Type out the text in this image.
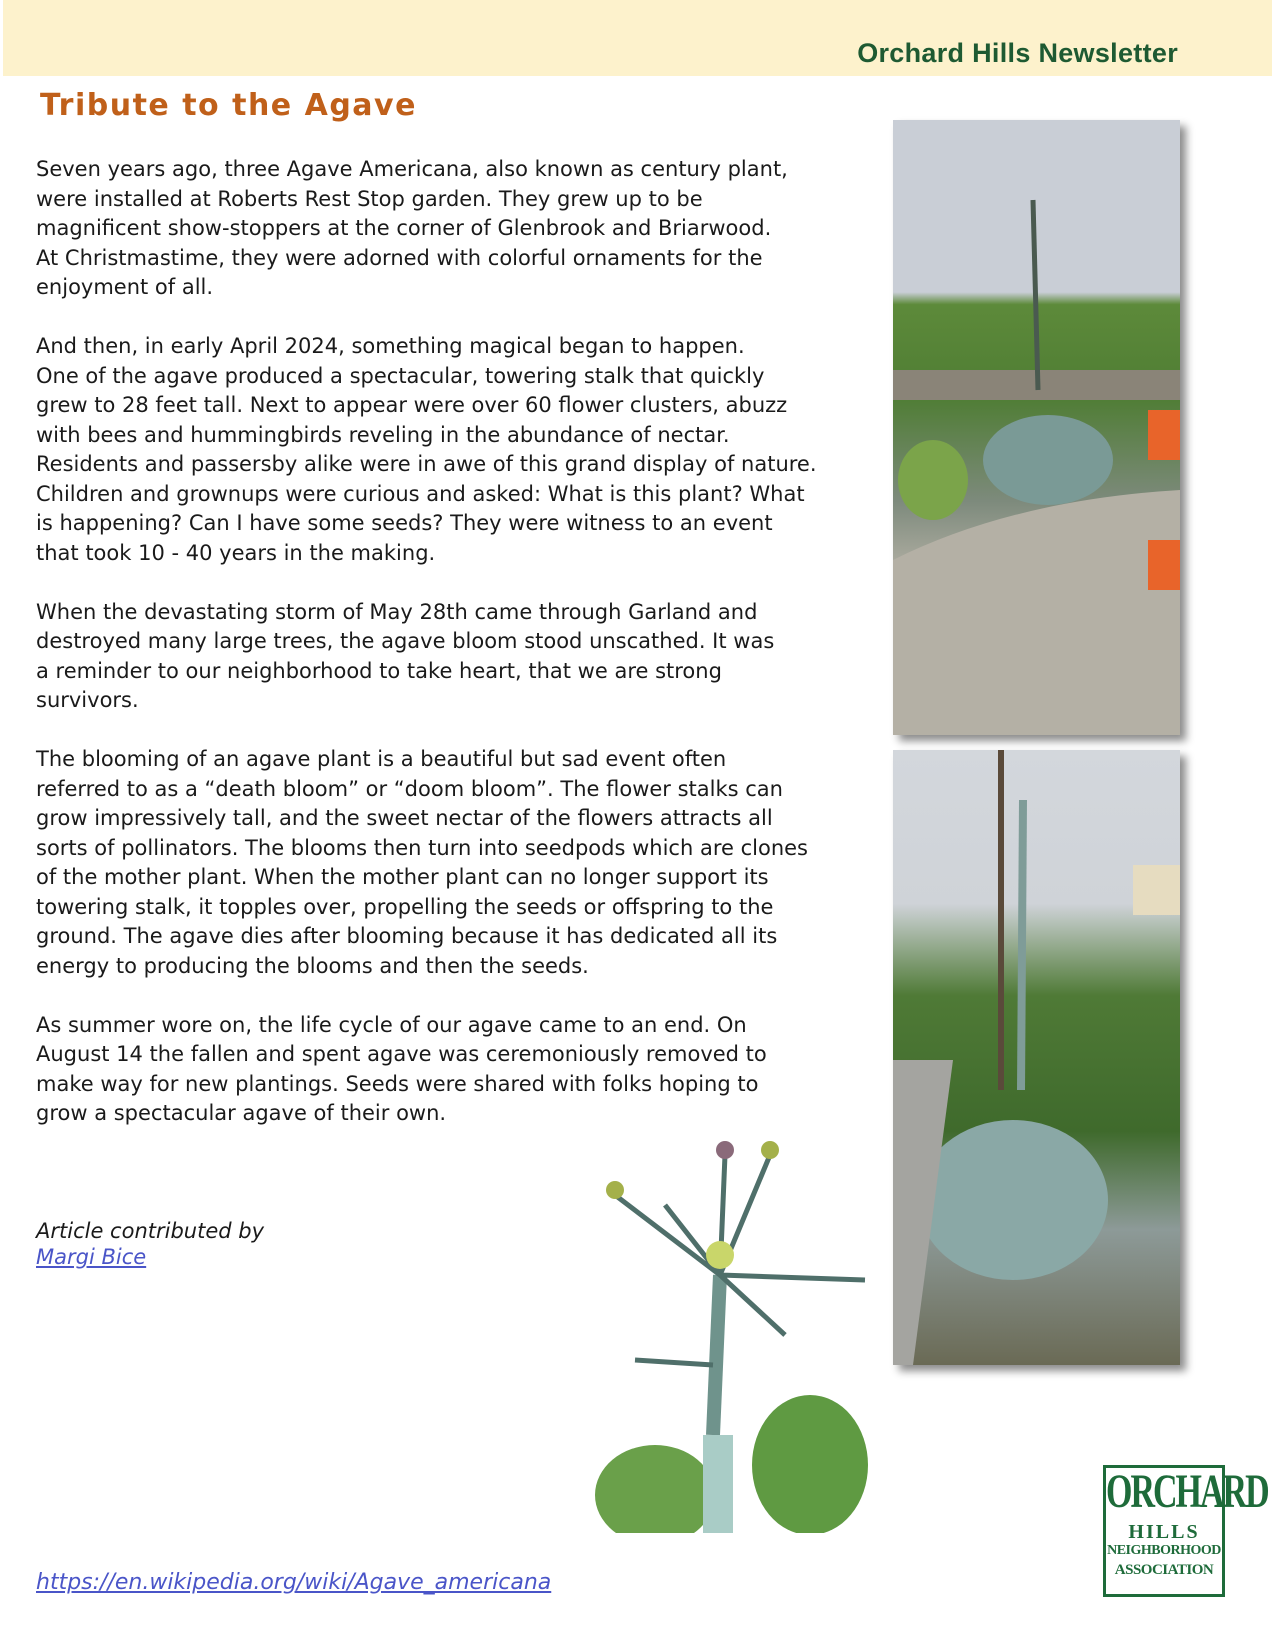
Orchard Hills Newsletter
Tribute to the Agave

Seven years ago, three Agave Americana, also known as century plant,
were installed at Roberts Rest Stop garden. They grew up to be
magnificent show-stoppers at the corner of Glenbrook and Briarwood.
At Christmastime, they were adorned with colorful ornaments for the
enjoyment of all.

And then, in early April 2024, something magical began to happen.
One of the agave produced a spectacular, towering stalk that quickly
grew to 28 feet tall. Next to appear were over 60 flower clusters, abuzz
with bees and hummingbirds reveling in the abundance of nectar.
Residents and passersby alike were in awe of this grand display of nature.
Children and grownups were curious and asked: What is this plant? What
is happening? Can I have some seeds? They were witness to an event
that took 10 - 40 years in the making.

When the devastating storm of May 28th came through Garland and
destroyed many large trees, the agave bloom stood unscathed. It was
a reminder to our neighborhood to take heart, that we are strong
survivors.

The blooming of an agave plant is a beautiful but sad event often
referred to as a “death bloom” or “doom bloom”. The flower stalks can
grow impressively tall, and the sweet nectar of the flowers attracts all
sorts of pollinators. The blooms then turn into seedpods which are clones
of the mother plant. When the mother plant can no longer support its
towering stalk, it topples over, propelling the seeds or offspring to the
ground. The agave dies after blooming because it has dedicated all its
energy to producing the blooms and then the seeds.

As summer wore on, the life cycle of our agave came to an end. On
August 14 the fallen and spent agave was ceremoniously removed to
make way for new plantings. Seeds were shared with folks hoping to
grow a spectacular agave of their own.

Article contributed by
Margi Bice
https://en.wikipedia.org/wiki/Agave_americana
ORCHARD
HILLS
NEIGHBORHOOD
ASSOCIATION
